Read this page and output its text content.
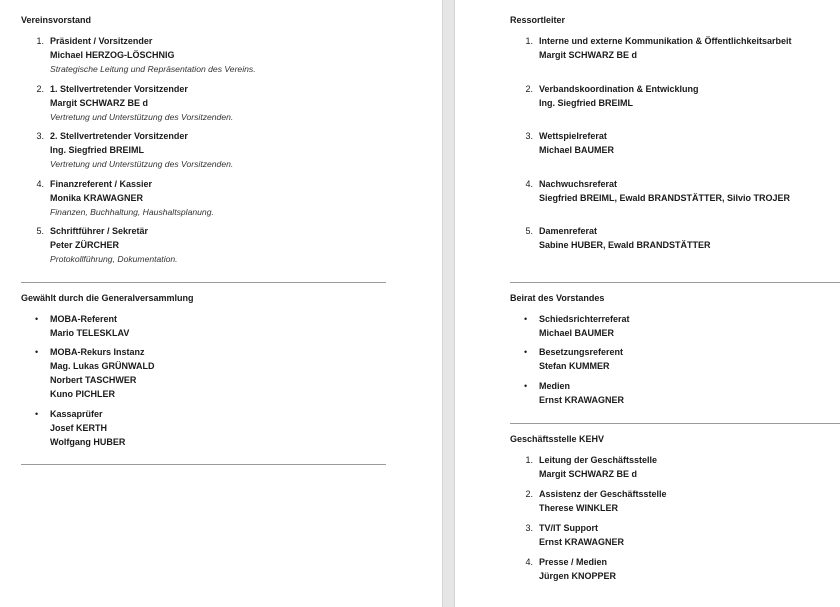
Vereinsvorstand
1. Präsident / Vorsitzender
Michael HERZOG-LÖSCHNIG
Strategische Leitung und Repräsentation des Vereins.
2. 1. Stellvertretender Vorsitzender
Margit SCHWARZ BE d
Vertretung und Unterstützung des Vorsitzenden.
3. 2. Stellvertretender Vorsitzender
Ing. Siegfried BREIML
Vertretung und Unterstützung des Vorsitzenden.
4. Finanzreferent / Kassier
Monika KRAWAGNER
Finanzen, Buchhaltung, Haushaltsplanung.
5. Schriftführer / Sekretär
Peter ZÜRCHER
Protokollführung, Dokumentation.
Gewählt durch die Generalversammlung
•	MOBA-Referent
Mario TELESKLAV
•	MOBA-Rekurs Instanz
Mag. Lukas GRÜNWALD
Norbert TASCHWER
Kuno PICHLER
•	Kassaprüfer
Josef KERTH
Wolfgang HUBER
Ressortleiter
1. Interne und externe Kommunikation & Öffentlichkeitsarbeit
Margit SCHWARZ BE d
2. Verbandskoordination & Entwicklung
Ing. Siegfried BREIML
3. Wettspielreferat
Michael BAUMER
4. Nachwuchsreferat
Siegfried BREIML, Ewald BRANDSTÄTTER, Silvio TROJER
5. Damenreferat
Sabine HUBER, Ewald BRANDSTÄTTER
Beirat des Vorstandes
•	Schiedsrichterreferat
Michael BAUMER
•	Besetzungsreferent
Stefan KUMMER
•	Medien
Ernst KRAWAGNER
Geschäftsstelle KEHV
1. Leitung der Geschäftsstelle
Margit SCHWARZ BE d
2. Assistenz der Geschäftsstelle
Therese WINKLER
3. TV/IT Support
Ernst KRAWAGNER
4. Presse / Medien
Jürgen KNOPPER
